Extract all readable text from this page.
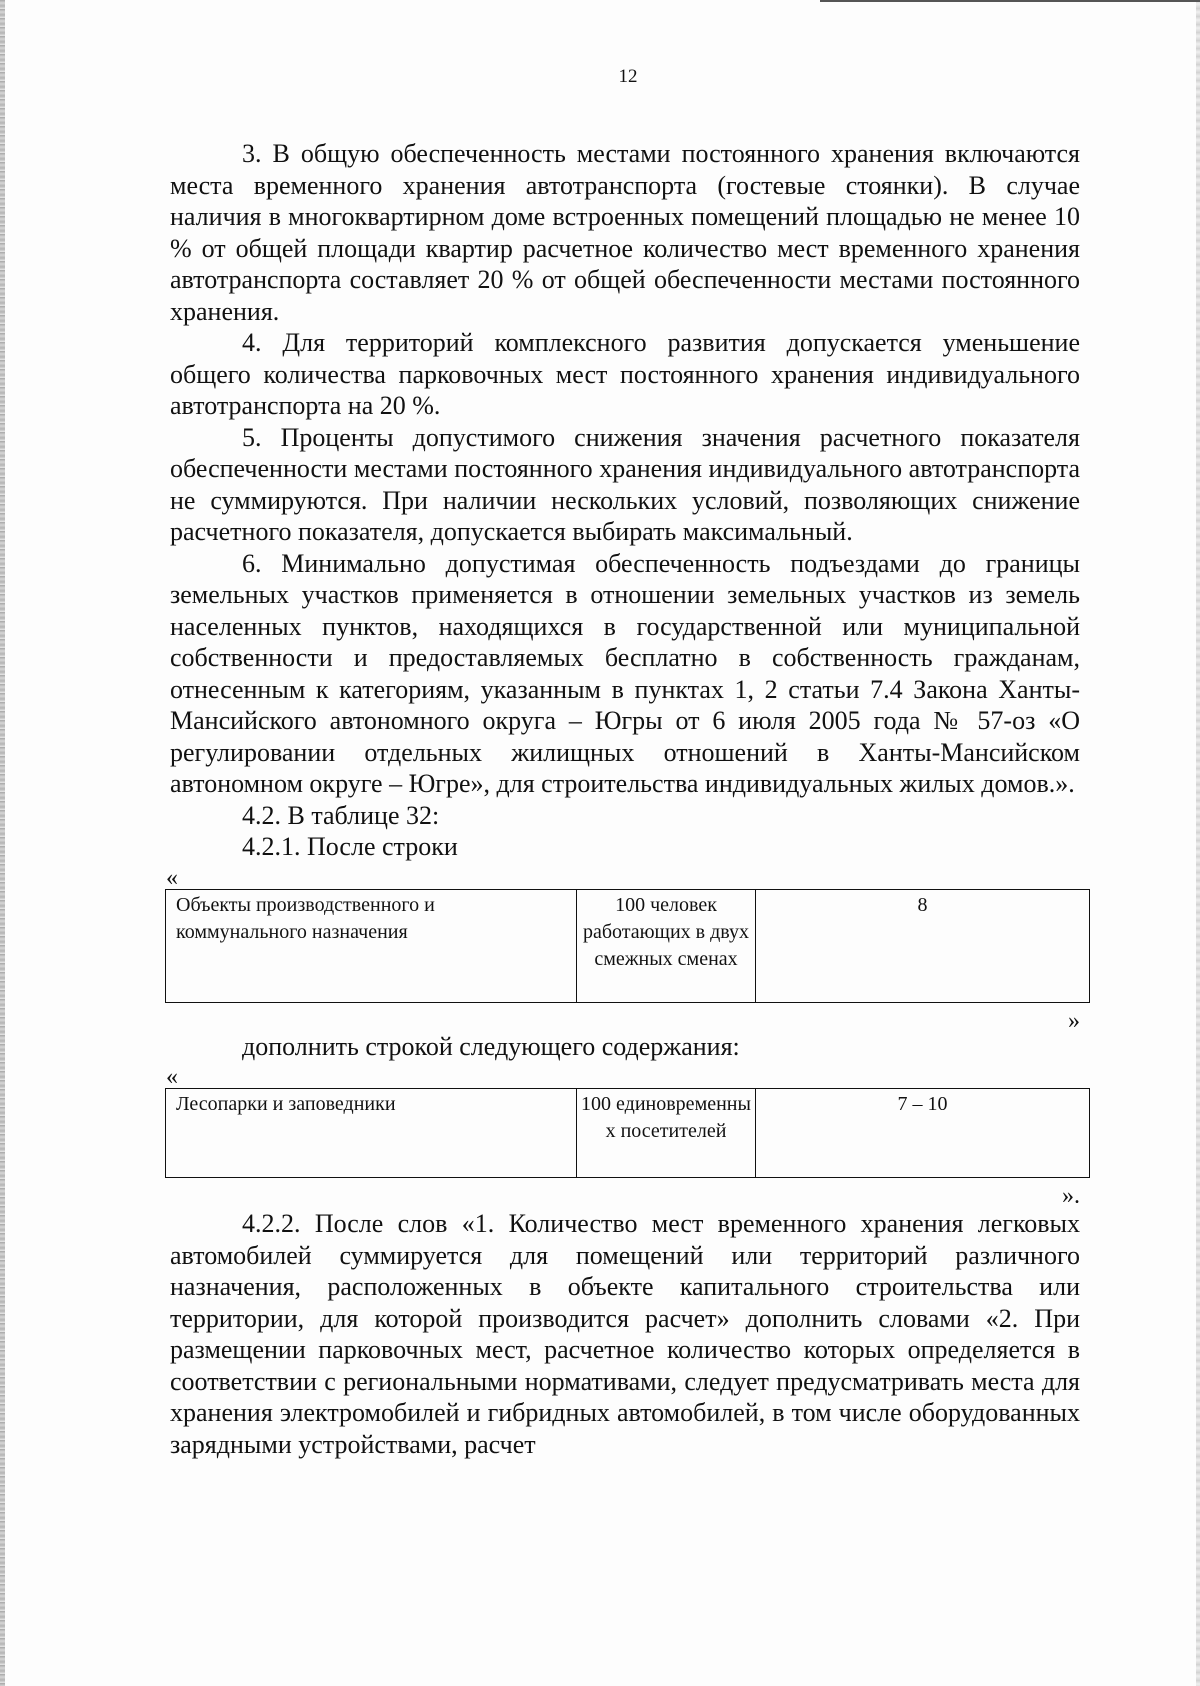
12

3. В общую обеспеченность местами постоянного хранения включаются места временного хранения автотранспорта (гостевые стоянки). В случае наличия в многоквартирном доме встроенных помещений площадью не менее 10 % от общей площади квартир расчетное количество мест временного хранения автотранспорта составляет 20 % от общей обеспеченности местами постоянного хранения.

4. Для территорий комплексного развития допускается уменьшение общего количества парковочных мест постоянного хранения индивидуального автотранспорта на 20 %.

5. Проценты допустимого снижения значения расчетного показателя обеспеченности местами постоянного хранения индивидуального автотранспорта не суммируются. При наличии нескольких условий, позволяющих снижение расчетного показателя, допускается выбирать максимальный.

6. Минимально допустимая обеспеченность подъездами до границы земельных участков применяется в отношении земельных участков из земель населенных пунктов, находящихся в государственной или муниципальной собственности и предоставляемых бесплатно в собственность гражданам, отнесенным к категориям, указанным в пунктах 1, 2 статьи 7.4 Закона Ханты-Мансийского автономного округа – Югры от 6 июля 2005 года № 57-оз «О регулировании отдельных жилищных отношений в Ханты-Мансийском автономном округе – Югре», для строительства индивидуальных жилых домов.».

4.2. В таблице 32:

4.2.1. После строки

«
Объекты производственного и коммунального назначения	100 человек работающих в двух смежных сменах	8
»

дополнить строкой следующего содержания:

«
Лесопарки и заповедники	100 единовременны х посетителей	7 – 10
».

4.2.2. После слов «1. Количество мест временного хранения легковых автомобилей суммируется для помещений или территорий различного назначения, расположенных в объекте капитального строительства или территории, для которой производится расчет» дополнить словами «2. При размещении парковочных мест, расчетное количество которых определяется в соответствии с региональными нормативами, следует предусматривать места для хранения электромобилей и гибридных автомобилей, в том числе оборудованных зарядными устройствами, расчет
